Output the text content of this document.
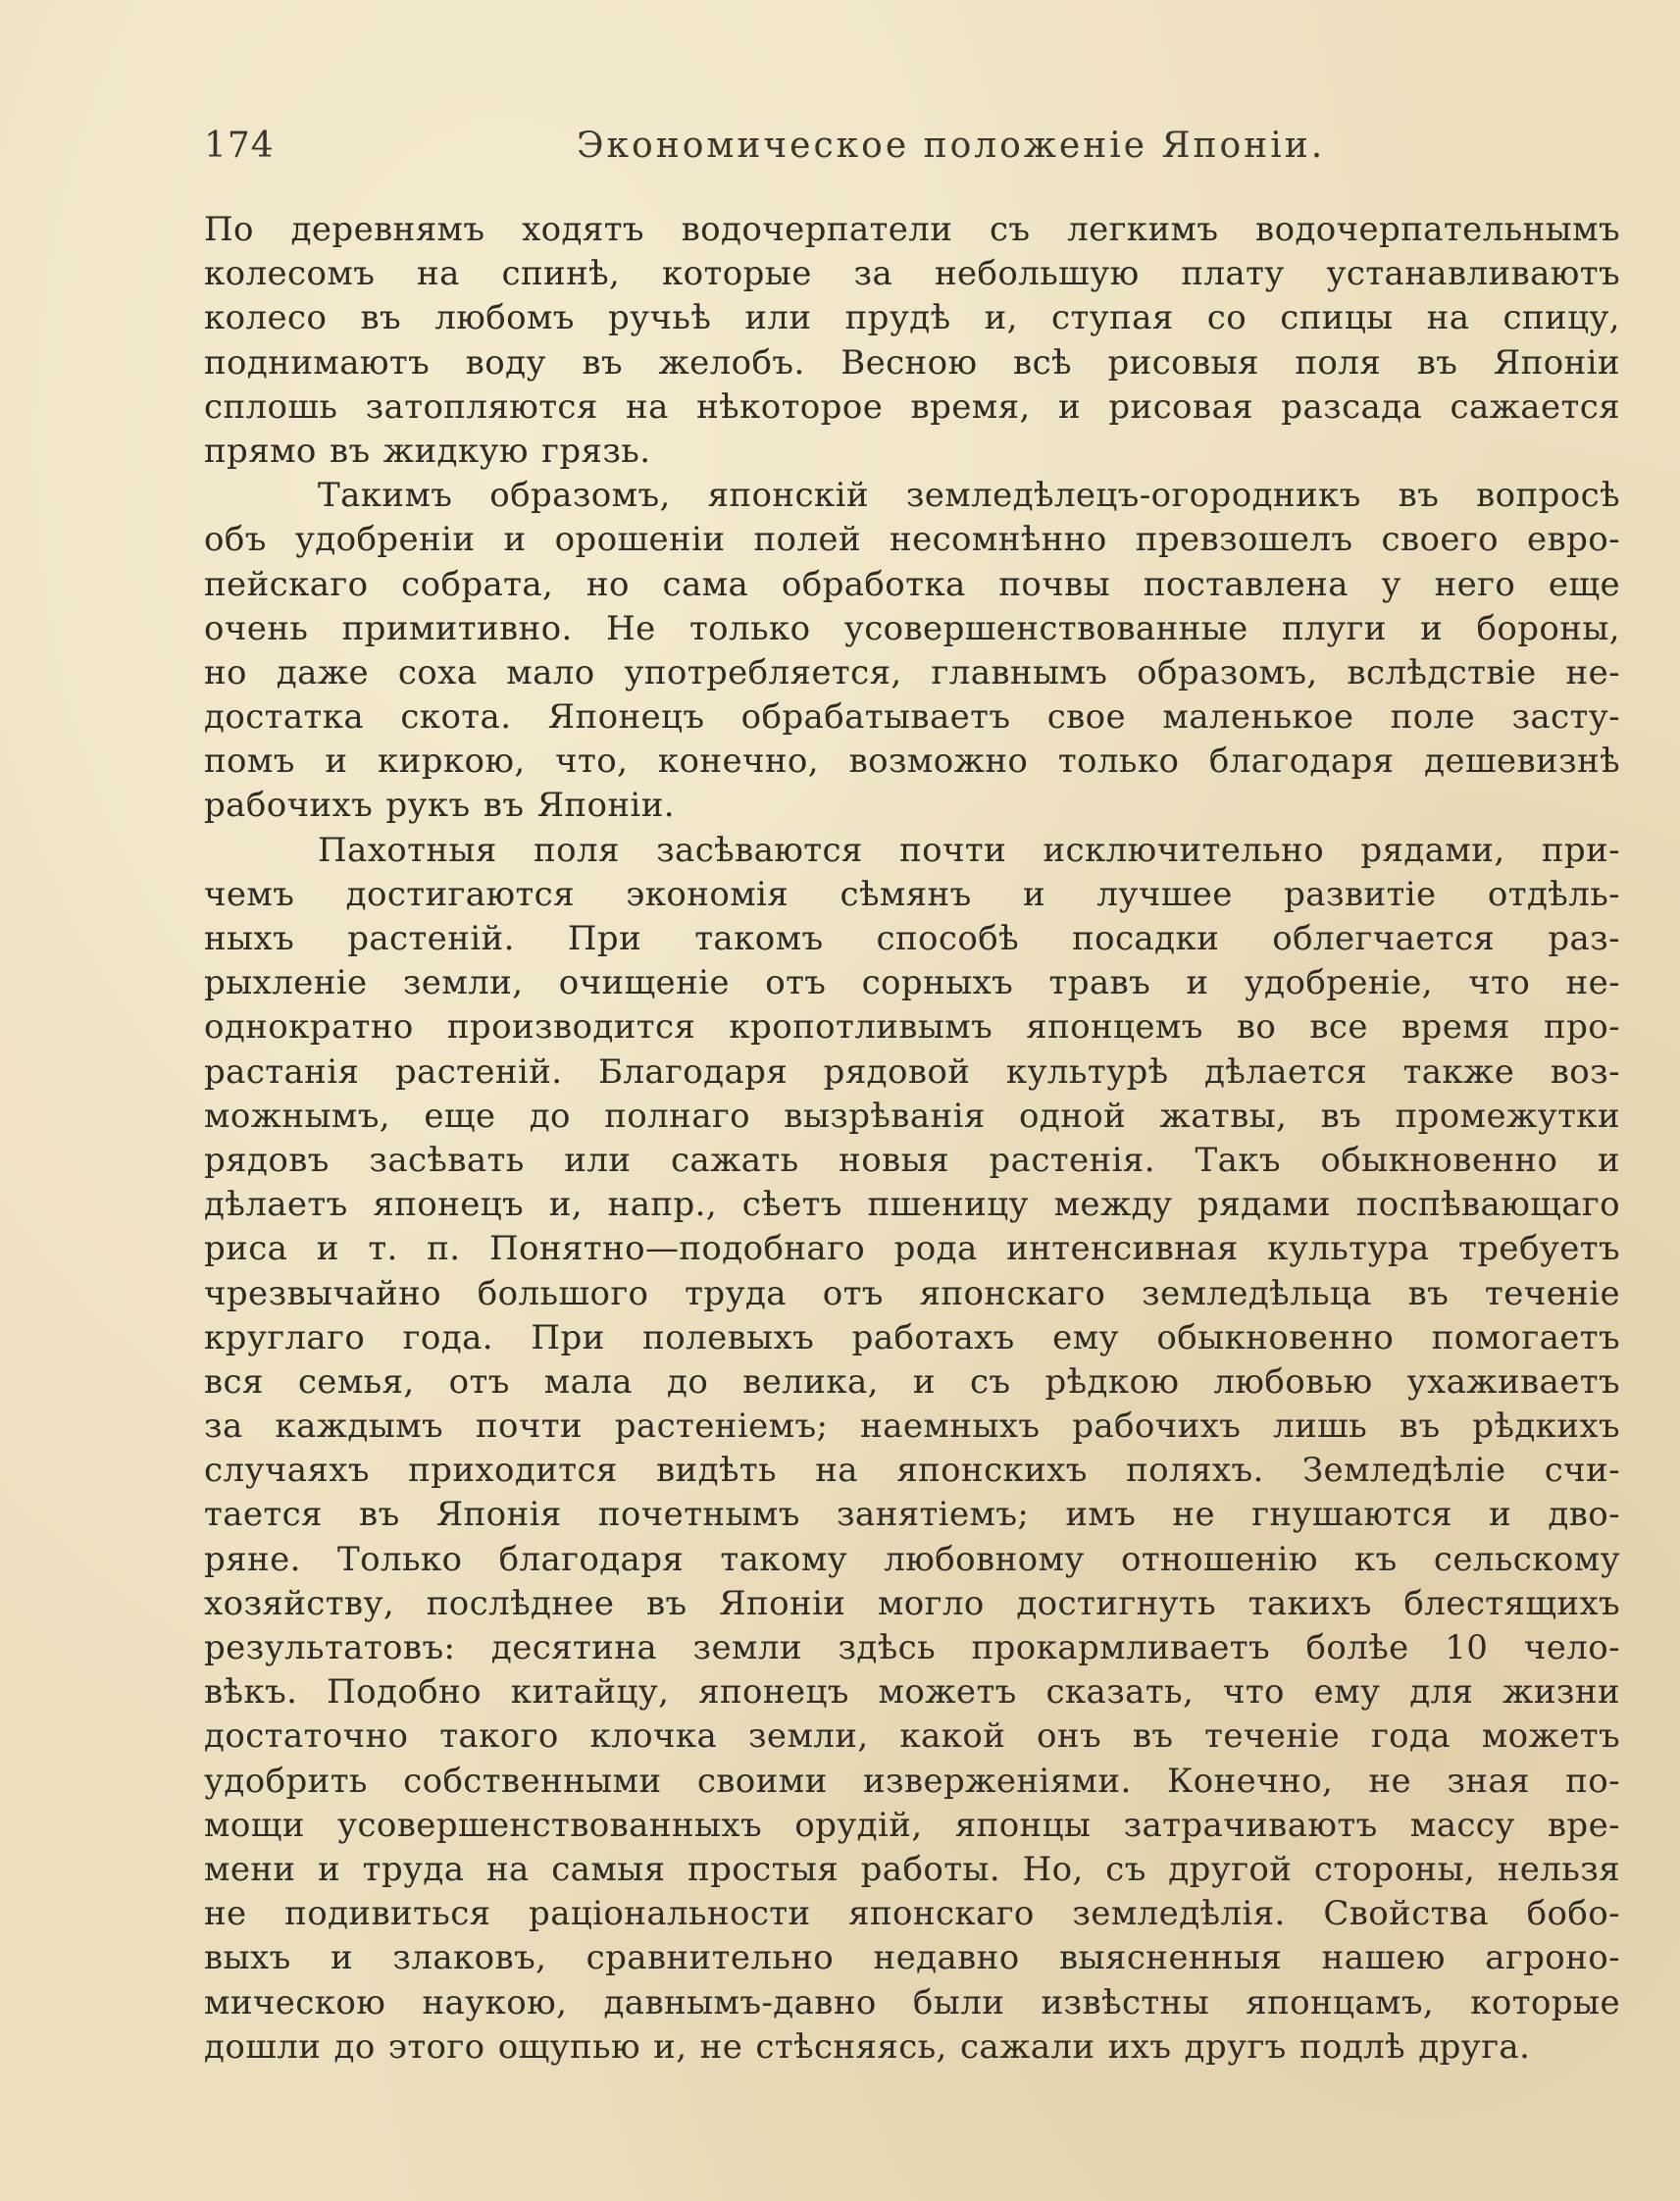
174	Экономическое положенiе Японiи.
По деревнямъ ходятъ водочерпатели съ легкимъ водочерпательнымъ
колесомъ на спинѣ, которые за небольшую плату устанавливаютъ
колесо въ любомъ ручьѣ или прудѣ и, ступая со спицы на спицу,
поднимаютъ воду въ желобъ. Весною всѣ рисовыя поля въ Японiи
сплошь затопляются на нѣкоторое время, и рисовая разсада сажается
прямо въ жидкую грязь.
Такимъ образомъ, японскiй земледѣлецъ-огородникъ въ вопросѣ
объ удобренiи и орошенiи полей несомнѣнно превзошелъ своего евро-
пейскаго собрата, но сама обработка почвы поставлена у него еще
очень примитивно. Не только усовершенствованные плуги и бороны,
но даже соха мало употребляется, главнымъ образомъ, вслѣдствiе не-
достатка скота. Японецъ обрабатываетъ свое маленькое поле засту-
помъ и киркою, что, конечно, возможно только благодаря дешевизнѣ
рабочихъ рукъ въ Японiи.
Пахотныя поля засѣваются почти исключительно рядами, при-
чемъ достигаются экономiя сѣмянъ и лучшее развитiе отдѣль-
ныхъ растенiй. При такомъ способѣ посадки облегчается раз-
рыхленiе земли, очищенiе отъ сорныхъ травъ и удобренiе, что не-
однократно производится кропотливымъ японцемъ во все время про-
растанiя растенiй. Благодаря рядовой культурѣ дѣлается также воз-
можнымъ, еще до полнаго вызрѣванiя одной жатвы, въ промежутки
рядовъ засѣвать или сажать новыя растенiя. Такъ обыкновенно и
дѣлаетъ японецъ и, напр., сѣетъ пшеницу между рядами поспѣвающаго
риса и т. п. Понятно—подобнаго рода интенсивная культура требуетъ
чрезвычайно большого труда отъ японскаго земледѣльца въ теченiе
круглаго года. При полевыхъ работахъ ему обыкновенно помогаетъ
вся семья, отъ мала до велика, и съ рѣдкою любовью ухаживаетъ
за каждымъ почти растенiемъ; наемныхъ рабочихъ лишь въ рѣдкихъ
случаяхъ приходится видѣть на японскихъ поляхъ. Земледѣлiе счи-
тается въ Японiя почетнымъ занятiемъ; имъ не гнушаются и дво-
ряне. Только благодаря такому любовному отношенiю къ сельскому
хозяйству, послѣднее въ Японiи могло достигнуть такихъ блестящихъ
результатовъ: десятина земли здѣсь прокармливаетъ болѣе 10 чело-
вѣкъ. Подобно китайцу, японецъ можетъ сказать, что ему для жизни
достаточно такого клочка земли, какой онъ въ теченiе года можетъ
удобрить собственными своими изверженiями. Конечно, не зная по-
мощи усовершенствованныхъ орудiй, японцы затрачиваютъ массу вре-
мени и труда на самыя простыя работы. Но, съ другой стороны, нельзя
не подивиться рацiональности японскаго земледѣлiя. Свойства бобо-
выхъ и злаковъ, сравнительно недавно выясненныя нашею агроно-
мическою наукою, давнымъ-давно были извѣстны японцамъ, которые
дошли до этого ощупью и, не стѣсняясь, сажали ихъ другъ подлѣ друга.
